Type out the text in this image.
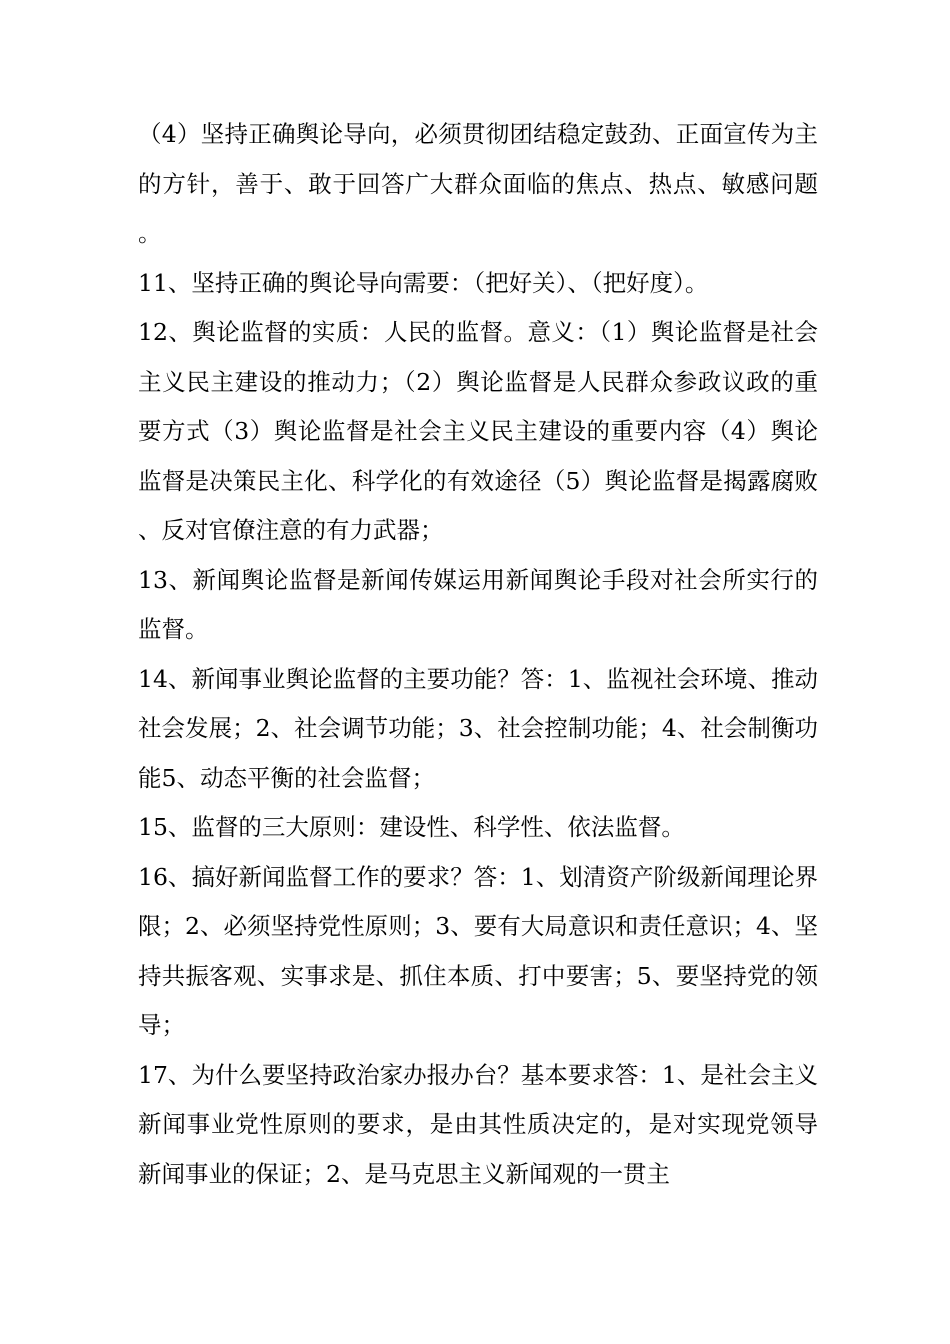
（4）坚持正确舆论导向，必须贯彻团结稳定鼓劲、正面宣传为主的方针，善于、敢于回答广大群众面临的焦点、热点、敏感问题。

11、坚持正确的舆论导向需要：（把好关）、（把好度）。

12、舆论监督的实质：人民的监督。意义：（1）舆论监督是社会主义民主建设的推动力；（2）舆论监督是人民群众参政议政的重要方式（3）舆论监督是社会主义民主建设的重要内容（4）舆论监督是决策民主化、科学化的有效途径（5）舆论监督是揭露腐败、反对官僚注意的有力武器；

13、新闻舆论监督是新闻传媒运用新闻舆论手段对社会所实行的监督。

14、新闻事业舆论监督的主要功能？答：1、监视社会环境、推动社会发展；2、社会调节功能；3、社会控制功能；4、社会制衡功能5、动态平衡的社会监督；

15、监督的三大原则：建设性、科学性、依法监督。

16、搞好新闻监督工作的要求？答：1、划清资产阶级新闻理论界限；2、必须坚持党性原则；3、要有大局意识和责任意识；4、坚持共振客观、实事求是、抓住本质、打中要害；5、要坚持党的领导；

17、为什么要坚持政治家办报办台？基本要求答：1、是社会主义新闻事业党性原则的要求，是由其性质决定的，是对实现党领导新闻事业的保证；2、是马克思主义新闻观的一贯主
